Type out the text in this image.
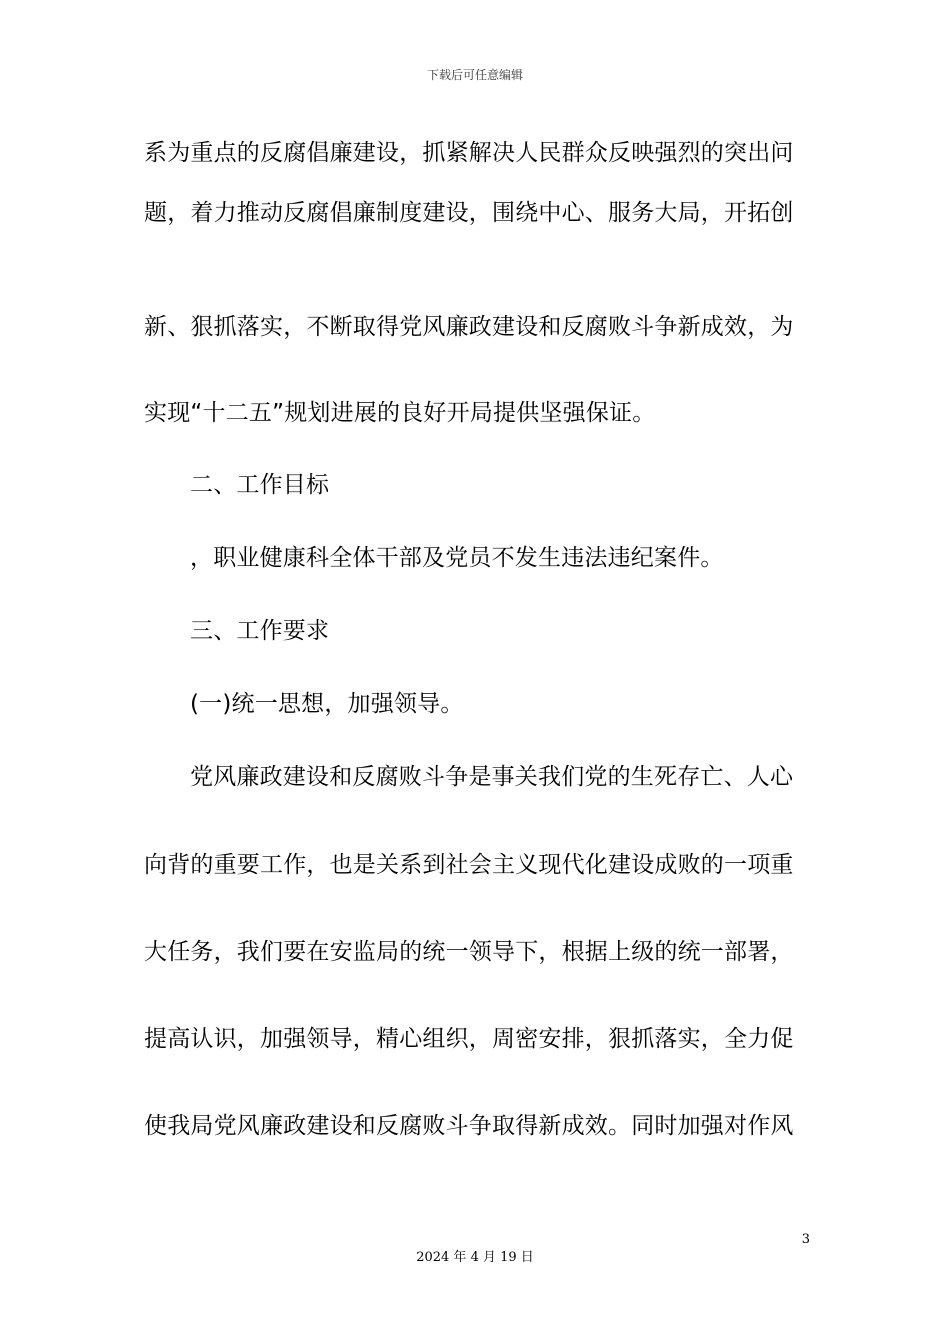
下载后可任意编辑
系为重点的反腐倡廉建设，抓紧解决人民群众反映强烈的突出问
题，着力推动反腐倡廉制度建设，围绕中心、服务大局，开拓创
新、狠抓落实，不断取得党风廉政建设和反腐败斗争新成效，为
实现“十二五”规划进展的良好开局提供坚强保证。
二、工作目标
，职业健康科全体干部及党员不发生违法违纪案件。
三、工作要求
(一)统一思想，加强领导。
党风廉政建设和反腐败斗争是事关我们党的生死存亡、人心
向背的重要工作，也是关系到社会主义现代化建设成败的一项重
大任务，我们要在安监局的统一领导下，根据上级的统一部署，
提高认识，加强领导，精心组织，周密安排，狠抓落实，全力促
使我局党风廉政建设和反腐败斗争取得新成效。同时加强对作风
3
2024 年 4 月 19 日
